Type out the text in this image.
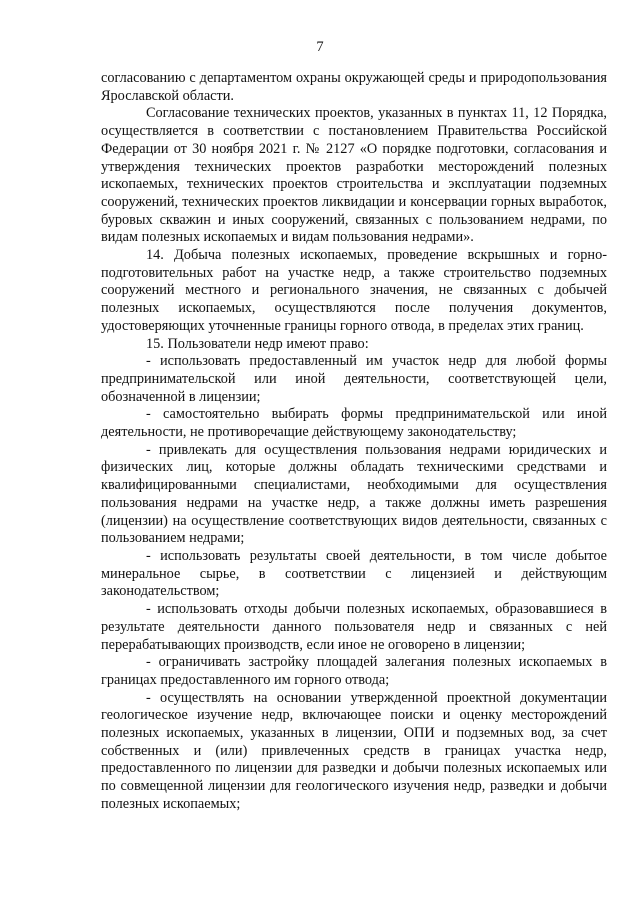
7

согласованию с департаментом охраны окружающей среды и природопользования Ярославской области.

Согласование технических проектов, указанных в пунктах 11, 12 Порядка, осуществляется в соответствии с постановлением Правительства Российской Федерации от 30 ноября 2021 г. № 2127 «О порядке подготовки, согласования и утверждения технических проектов разработки месторождений полезных ископаемых, технических проектов строительства и эксплуатации подземных сооружений, технических проектов ликвидации и консервации горных выработок, буровых скважин и иных сооружений, связанных с пользованием недрами, по видам полезных ископаемых и видам пользования недрами».

14. Добыча полезных ископаемых, проведение вскрышных и горно-подготовительных работ на участке недр, а также строительство подземных сооружений местного и регионального значения, не связанных с добычей полезных ископаемых, осуществляются после получения документов, удостоверяющих уточненные границы горного отвода, в пределах этих границ.

15. Пользователи недр имеют право:

- использовать предоставленный им участок недр для любой формы предпринимательской или иной деятельности, соответствующей цели, обозначенной в лицензии;

- самостоятельно выбирать формы предпринимательской или иной деятельности, не противоречащие действующему законодательству;

- привлекать для осуществления пользования недрами юридических и физических лиц, которые должны обладать техническими средствами и квалифицированными специалистами, необходимыми для осуществления пользования недрами на участке недр, а также должны иметь разрешения (лицензии) на осуществление соответствующих видов деятельности, связанных с пользованием недрами;

- использовать результаты своей деятельности, в том числе добытое минеральное сырье, в соответствии с лицензией и действующим законодательством;

- использовать отходы добычи полезных ископаемых, образовавшиеся в результате деятельности данного пользователя недр и связанных с ней перерабатывающих производств, если иное не оговорено в лицензии;

- ограничивать застройку площадей залегания полезных ископаемых в границах предоставленного им горного отвода;

- осуществлять на основании утвержденной проектной документации геологическое изучение недр, включающее поиски и оценку месторождений полезных ископаемых, указанных в лицензии, ОПИ и подземных вод, за счет собственных и (или) привлеченных средств в границах участка недр, предоставленного по лицензии для разведки и добычи полезных ископаемых или по совмещенной лицензии для геологического изучения недр, разведки и добычи полезных ископаемых;
